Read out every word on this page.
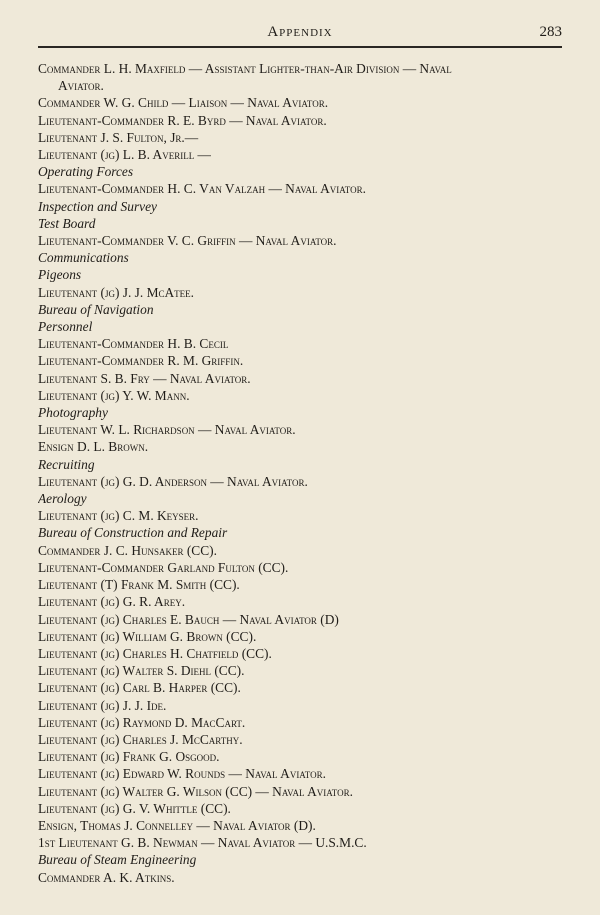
Appendix	283
Commander L. H. Maxfield — Assistant Lighter-than-Air Division — Naval
Aviator.
Commander W. G. Child — Liaison — Naval Aviator.
Lieutenant-Commander R. E. Byrd — Naval Aviator.
Lieutenant J. S. Fulton, Jr.—
Lieutenant (jg) L. B. Averill —
Operating Forces
Lieutenant-Commander H. C. Van Valzah — Naval Aviator.
Inspection and Survey
Test Board
Lieutenant-Commander V. C. Griffin — Naval Aviator.
Communications
Pigeons
Lieutenant (jg) J. J. McAtee.
Bureau of Navigation
Personnel
Lieutenant-Commander H. B. Cecil
Lieutenant-Commander R. M. Griffin.
Lieutenant S. B. Fry — Naval Aviator.
Lieutenant (jg) Y. W. Mann.
Photography
Lieutenant W. L. Richardson — Naval Aviator.
Ensign D. L. Brown.
Recruiting
Lieutenant (jg) G. D. Anderson — Naval Aviator.
Aerology
Lieutenant (jg) C. M. Keyser.
Bureau of Construction and Repair
Commander J. C. Hunsaker (CC).
Lieutenant-Commander Garland Fulton (CC).
Lieutenant (T) Frank M. Smith (CC).
Lieutenant (jg) G. R. Arey.
Lieutenant (jg) Charles E. Bauch — Naval Aviator (D)
Lieutenant (jg) William G. Brown (CC).
Lieutenant (jg) Charles H. Chatfield (CC).
Lieutenant (jg) Walter S. Diehl (CC).
Lieutenant (jg) Carl B. Harper (CC).
Lieutenant (jg) J. J. Ide.
Lieutenant (jg) Raymond D. MacCart.
Lieutenant (jg) Charles J. McCarthy.
Lieutenant (jg) Frank G. Osgood.
Lieutenant (jg) Edward W. Rounds — Naval Aviator.
Lieutenant (jg) Walter G. Wilson (CC) — Naval Aviator.
Lieutenant (jg) G. V. Whittle (CC).
Ensign, Thomas J. Connelley — Naval Aviator (D).
1st Lieutenant G. B. Newman — Naval Aviator — U.S.M.C.
Bureau of Steam Engineering
Commander A. K. Atkins.
